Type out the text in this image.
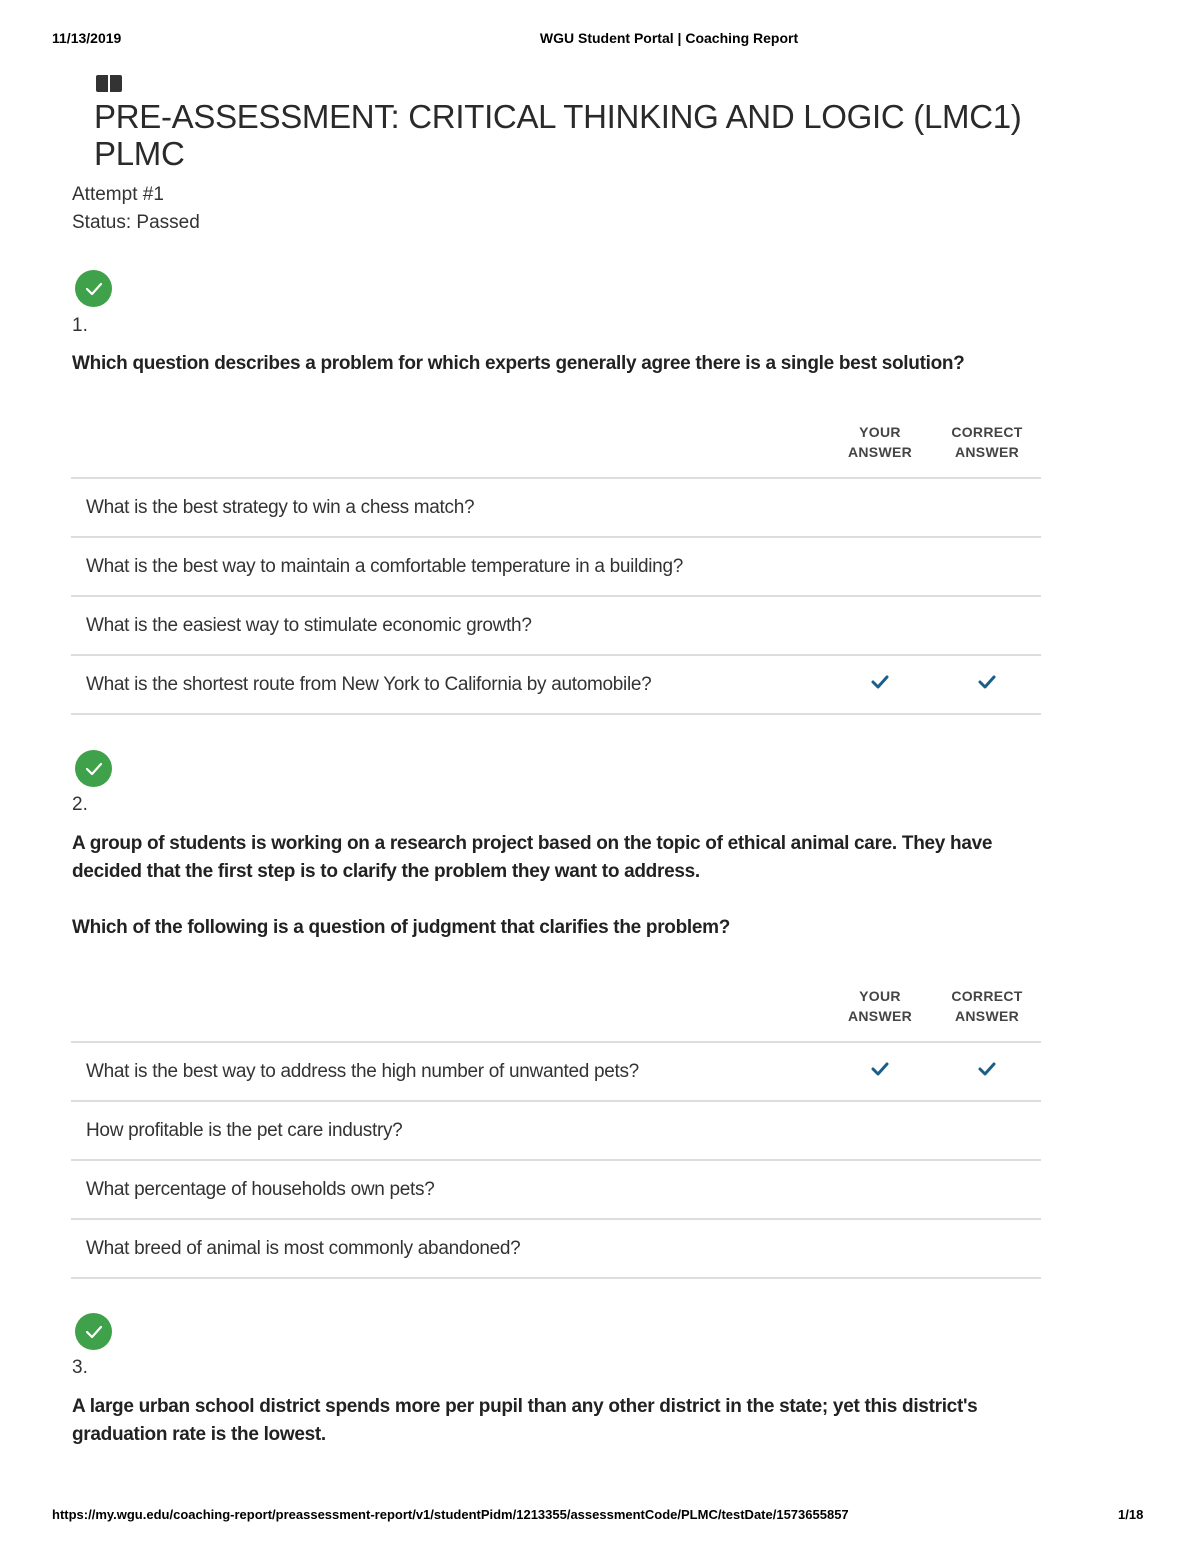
11/13/2019	WGU Student Portal | Coaching Report
PRE-ASSESSMENT: CRITICAL THINKING AND LOGIC (LMC1) PLMC
Attempt #1
Status: Passed
1.
Which question describes a problem for which experts generally agree there is a single best solution?
YOUR
ANSWER
CORRECT
ANSWER
What is the best strategy to win a chess match?
What is the best way to maintain a comfortable temperature in a building?
What is the easiest way to stimulate economic growth?
What is the shortest route from New York to California by automobile?
2.
A group of students is working on a research project based on the topic of ethical animal care. They have decided that the first step is to clarify the problem they want to address.
Which of the following is a question of judgment that clarifies the problem?
YOUR
ANSWER
CORRECT
ANSWER
What is the best way to address the high number of unwanted pets?
How profitable is the pet care industry?
What percentage of households own pets?
What breed of animal is most commonly abandoned?
3.
A large urban school district spends more per pupil than any other district in the state; yet this district's graduation rate is the lowest.
https://my.wgu.edu/coaching-report/preassessment-report/v1/studentPidm/1213355/assessmentCode/PLMC/testDate/1573655857	1/18
